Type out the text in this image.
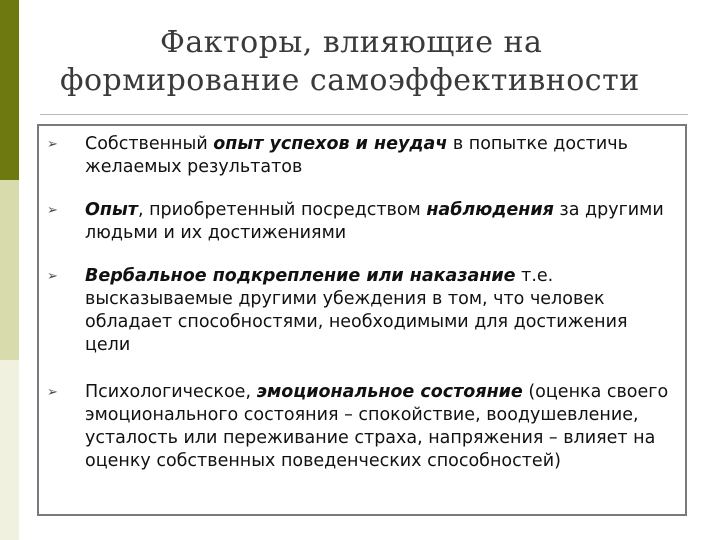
Факторы, влияющие на
формирование самоэффективности
➢ Собственный опыт успехов и неудач в попытке достичь желаемых результатов
➢ Опыт, приобретенный посредством наблюдения за другими людьми и их достижениями
➢ Вербальное подкрепление или наказание т.е. высказываемые другими убеждения в том, что человек обладает способностями, необходимыми для достижения цели
➢ Психологическое, эмоциональное состояние (оценка своего эмоционального состояния – спокойствие, воодушевление, усталость или переживание страха, напряжения – влияет на оценку собственных поведенческих способностей)
